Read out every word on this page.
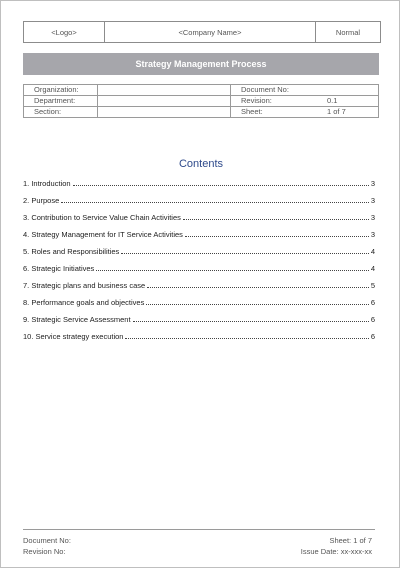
<Logo>	<Company Name>	Normal
Strategy Management Process
Organization:		Document No:	
Department:		Revision:	0.1
Section:		Sheet:	1 of 7
Contents
1. Introduction	3
2. Purpose	3
3. Contribution to Service Value Chain Activities	3
4. Strategy Management for IT Service Activities	3
5. Roles and Responsibilities	4
6. Strategic Initiatives	4
7. Strategic plans and business case	5
8. Performance goals and objectives	6
9. Strategic Service Assessment	6
10. Service strategy execution	6
Document No:
Revision No:
Sheet: 1 of 7
Issue Date: xx-xxx-xx
